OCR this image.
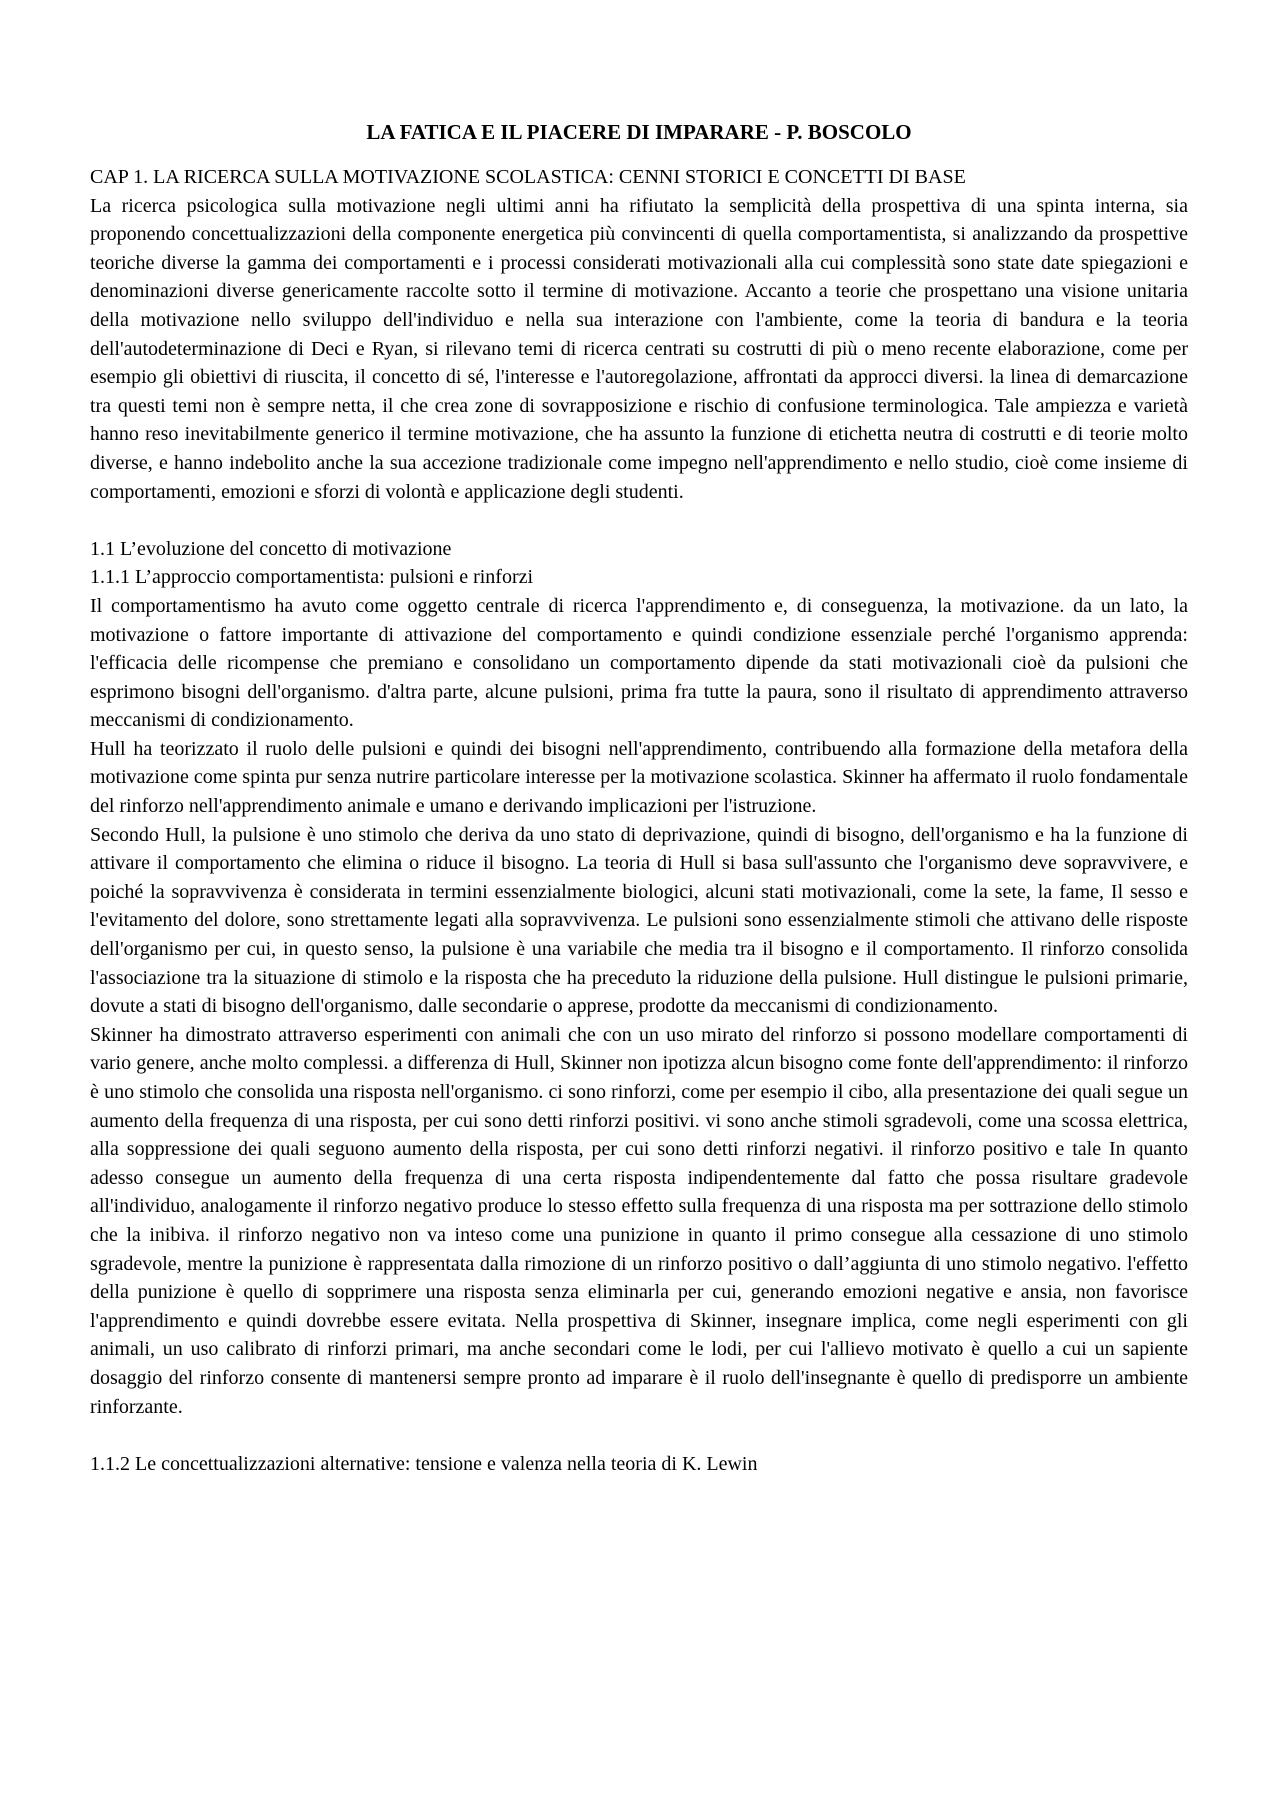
LA FATICA E IL PIACERE DI IMPARARE - P. BOSCOLO

CAP 1. LA RICERCA SULLA MOTIVAZIONE SCOLASTICA: CENNI STORICI E CONCETTI DI BASE

La ricerca psicologica sulla motivazione negli ultimi anni ha rifiutato la semplicità della prospettiva di una spinta interna, sia proponendo concettualizzazioni della componente energetica più convincenti di quella comportamentista, si analizzando da prospettive teoriche diverse la gamma dei comportamenti e i processi considerati motivazionali alla cui complessità sono state date spiegazioni e denominazioni diverse genericamente raccolte sotto il termine di motivazione. Accanto a teorie che prospettano una visione unitaria della motivazione nello sviluppo dell'individuo e nella sua interazione con l'ambiente, come la teoria di bandura e la teoria dell'autodeterminazione di Deci e Ryan, si rilevano temi di ricerca centrati su costrutti di più o meno recente elaborazione, come per esempio gli obiettivi di riuscita, il concetto di sé, l'interesse e l'autoregolazione, affrontati da approcci diversi. la linea di demarcazione tra questi temi non è sempre netta, il che crea zone di sovrapposizione e rischio di confusione terminologica. Tale ampiezza e varietà hanno reso inevitabilmente generico il termine motivazione, che ha assunto la funzione di etichetta neutra di costrutti e di teorie molto diverse, e hanno indebolito anche la sua accezione tradizionale come impegno nell'apprendimento e nello studio, cioè come insieme di comportamenti, emozioni e sforzi di volontà e applicazione degli studenti.

1.1 L’evoluzione del concetto di motivazione

1.1.1 L’approccio comportamentista: pulsioni e rinforzi

Il comportamentismo ha avuto come oggetto centrale di ricerca l'apprendimento e, di conseguenza, la motivazione. da un lato, la motivazione o fattore importante di attivazione del comportamento e quindi condizione essenziale perché l'organismo apprenda: l'efficacia delle ricompense che premiano e consolidano un comportamento dipende da stati motivazionali cioè da pulsioni che esprimono bisogni dell'organismo. d'altra parte, alcune pulsioni, prima fra tutte la paura, sono il risultato di apprendimento attraverso meccanismi di condizionamento.

Hull ha teorizzato il ruolo delle pulsioni e quindi dei bisogni nell'apprendimento, contribuendo alla formazione della metafora della motivazione come spinta pur senza nutrire particolare interesse per la motivazione scolastica. Skinner ha affermato il ruolo fondamentale del rinforzo nell'apprendimento animale e umano e derivando implicazioni per l'istruzione.

Secondo Hull, la pulsione è uno stimolo che deriva da uno stato di deprivazione, quindi di bisogno, dell'organismo e ha la funzione di attivare il comportamento che elimina o riduce il bisogno. La teoria di Hull si basa sull'assunto che l'organismo deve sopravvivere, e poiché la sopravvivenza è considerata in termini essenzialmente biologici, alcuni stati motivazionali, come la sete, la fame, Il sesso e l'evitamento del dolore, sono strettamente legati alla sopravvivenza. Le pulsioni sono essenzialmente stimoli che attivano delle risposte dell'organismo per cui, in questo senso, la pulsione è una variabile che media tra il bisogno e il comportamento. Il rinforzo consolida l'associazione tra la situazione di stimolo e la risposta che ha preceduto la riduzione della pulsione. Hull distingue le pulsioni primarie, dovute a stati di bisogno dell'organismo, dalle secondarie o apprese, prodotte da meccanismi di condizionamento.

Skinner ha dimostrato attraverso esperimenti con animali che con un uso mirato del rinforzo si possono modellare comportamenti di vario genere, anche molto complessi. a differenza di Hull, Skinner non ipotizza alcun bisogno come fonte dell'apprendimento: il rinforzo è uno stimolo che consolida una risposta nell'organismo. ci sono rinforzi, come per esempio il cibo, alla presentazione dei quali segue un aumento della frequenza di una risposta, per cui sono detti rinforzi positivi. vi sono anche stimoli sgradevoli, come una scossa elettrica, alla soppressione dei quali seguono aumento della risposta, per cui sono detti rinforzi negativi. il rinforzo positivo e tale In quanto adesso consegue un aumento della frequenza di una certa risposta indipendentemente dal fatto che possa risultare gradevole all'individuo, analogamente il rinforzo negativo produce lo stesso effetto sulla frequenza di una risposta ma per sottrazione dello stimolo che la inibiva. il rinforzo negativo non va inteso come una punizione in quanto il primo consegue alla cessazione di uno stimolo sgradevole, mentre la punizione è rappresentata dalla rimozione di un rinforzo positivo o dall’aggiunta di uno stimolo negativo. l'effetto della punizione è quello di sopprimere una risposta senza eliminarla per cui, generando emozioni negative e ansia, non favorisce l'apprendimento e quindi dovrebbe essere evitata. Nella prospettiva di Skinner, insegnare implica, come negli esperimenti con gli animali, un uso calibrato di rinforzi primari, ma anche secondari come le lodi, per cui l'allievo motivato è quello a cui un sapiente dosaggio del rinforzo consente di mantenersi sempre pronto ad imparare è il ruolo dell'insegnante è quello di predisporre un ambiente rinforzante.

1.1.2 Le concettualizzazioni alternative: tensione e valenza nella teoria di K. Lewin
